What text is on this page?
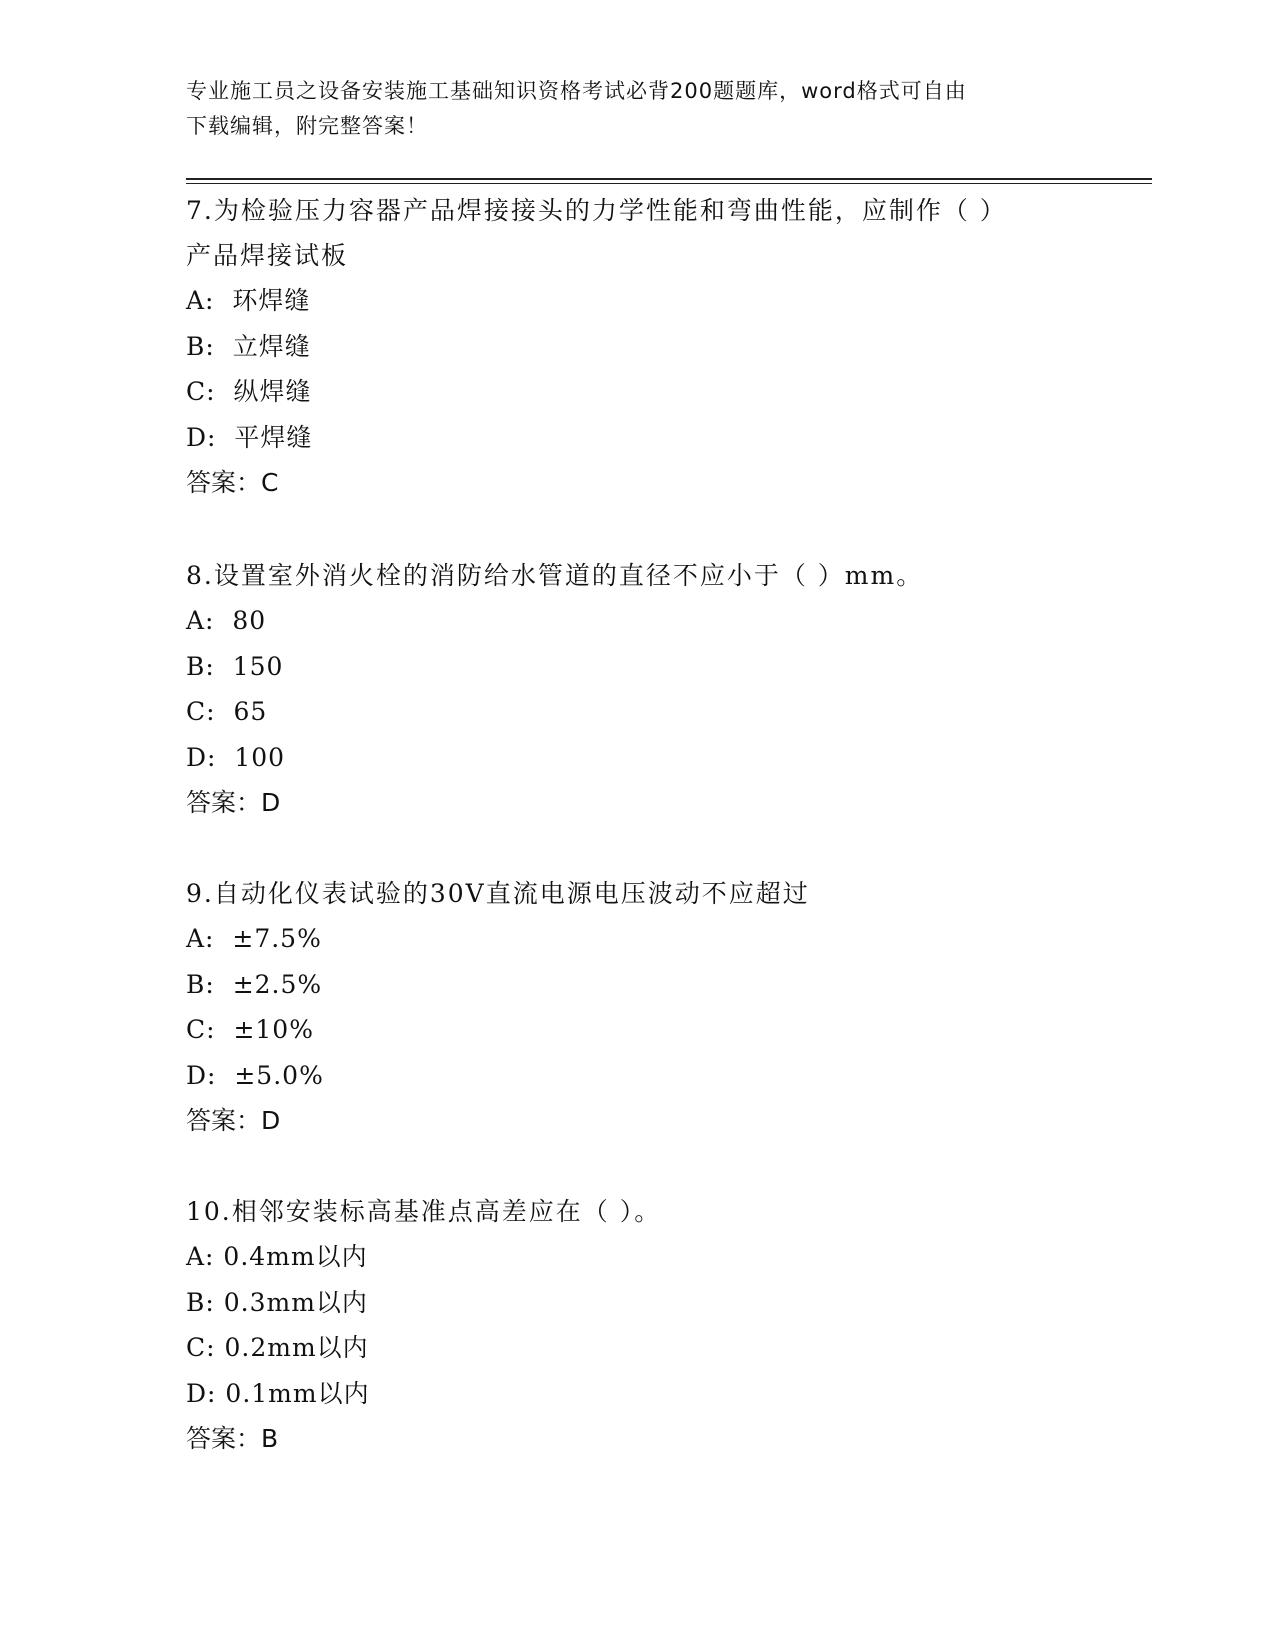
专业施工员之设备安装施工基础知识资格考试必背200题题库，word格式可自由
下载编辑，附完整答案！

7.为检验压力容器产品焊接接头的力学性能和弯曲性能，应制作（ ）

产品焊接试板

A:  环焊缝

B:  立焊缝

C:  纵焊缝

D:  平焊缝

答案：C

8.设置室外消火栓的消防给水管道的直径不应小于（ ）mm。

A:  80

B:  150

C:  65

D:  100

答案：D

9.自动化仪表试验的30V直流电源电压波动不应超过

A:  ±7.5%

B:  ±2.5%

C:  ±10%

D:  ±5.0%

答案：D

10.相邻安装标高基准点高差应在（ ）。

A: 0.4mm以内

B: 0.3mm以内

C: 0.2mm以内

D: 0.1mm以内

答案：B
